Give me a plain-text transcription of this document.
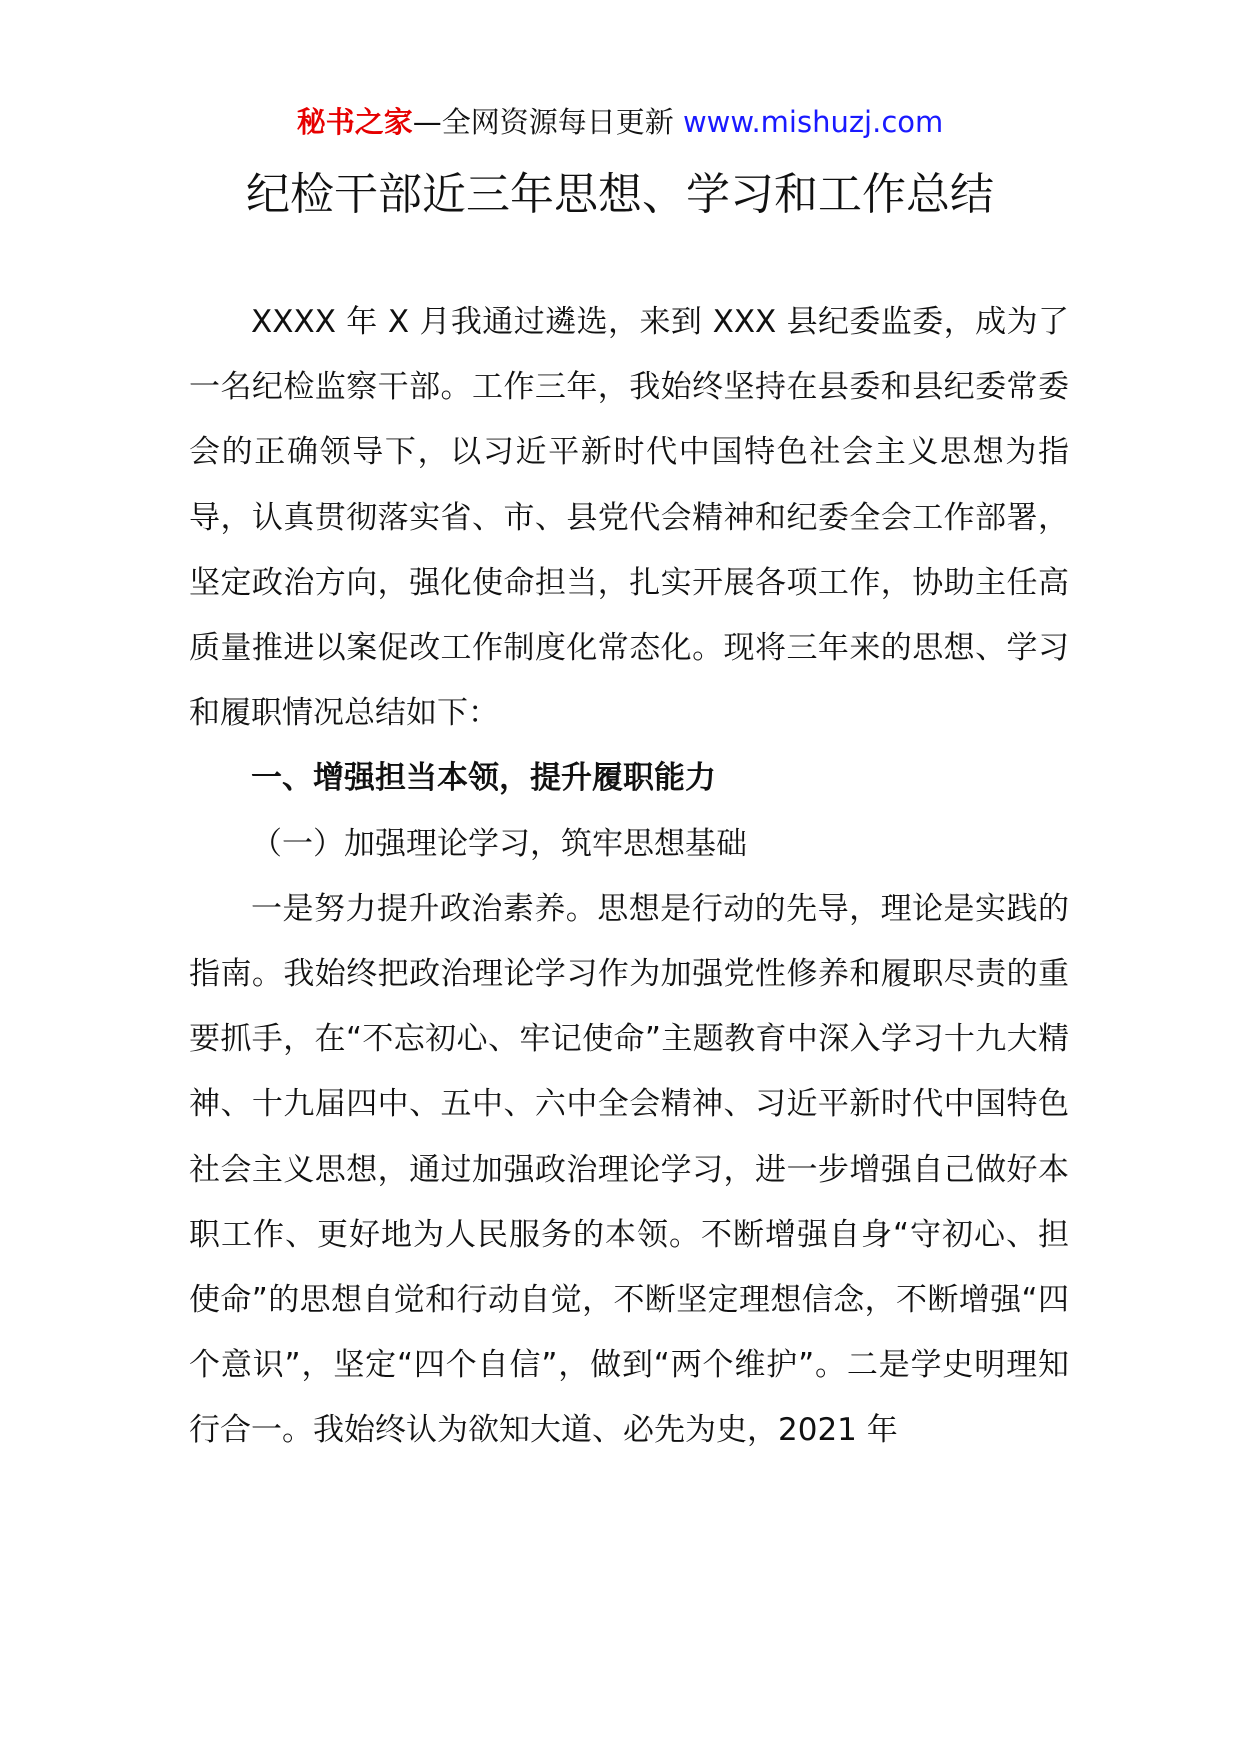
秘书之家—全网资源每日更新 www.mishuzj.com
纪检干部近三年思想、学习和工作总结

XXXX 年 X 月我通过遴选，来到 XXX 县纪委监委，成为了一名纪检监察干部。工作三年，我始终坚持在县委和县纪委常委会的正确领导下，以习近平新时代中国特色社会主义思想为指导，认真贯彻落实省、市、县党代会精神和纪委全会工作部署，坚定政治方向，强化使命担当，扎实开展各项工作，协助主任高质量推进以案促改工作制度化常态化。现将三年来的思想、学习和履职情况总结如下：

一、增强担当本领，提升履职能力

（一）加强理论学习，筑牢思想基础

一是努力提升政治素养。思想是行动的先导，理论是实践的指南。我始终把政治理论学习作为加强党性修养和履职尽责的重要抓手，在“不忘初心、牢记使命”主题教育中深入学习十九大精神、十九届四中、五中、六中全会精神、习近平新时代中国特色社会主义思想，通过加强政治理论学习，进一步增强自己做好本职工作、更好地为人民服务的本领。不断增强自身“守初心、担使命”的思想自觉和行动自觉，不断坚定理想信念，不断增强“四个意识”，坚定“四个自信”，做到“两个维护”。二是学史明理知行合一。我始终认为欲知大道、必先为史，2021 年
